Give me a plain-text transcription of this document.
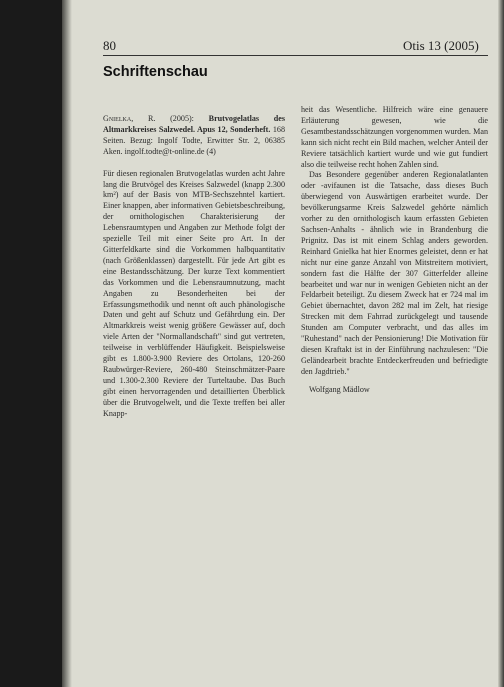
80	Otis 13 (2005)
Schriftenschau

Gnielka, R. (2005): Brutvogelatlas des Altmarkkreises Salzwedel. Apus 12, Sonderheft. 168 Seiten. Bezug: Ingolf Todte, Erwitter Str. 2, 06385 Aken. ingolf.todte@t-online.de (4)

Für diesen regionalen Brutvogelatlas wurden acht Jahre lang die Brutvögel des Kreises Salzwedel (knapp 2.300 km²) auf der Basis von MTB-Sechszehntel kartiert. Einer knappen, aber informativen Gebietsbeschreibung, der ornithologischen Charakterisierung der Lebensraumtypen und Angaben zur Methode folgt der spezielle Teil mit einer Seite pro Art. In der Gitterfeldkarte sind die Vorkommen halbquantitativ (nach Größenklassen) dargestellt. Für jede Art gibt es eine Bestandsschätzung. Der kurze Text kommentiert das Vorkommen und die Lebensraumnutzung, macht Angaben zu Besonderheiten bei der Erfassungsmethodik und nennt oft auch phänologische Daten und geht auf Schutz und Gefährdung ein. Der Altmarkkreis weist wenig größere Gewässer auf, doch viele Arten der "Normallandschaft" sind gut vertreten, teilweise in verblüffender Häufigkeit. Beispielsweise gibt es 1.800-3.900 Reviere des Ortolans, 120-260 Raubwürger-Reviere, 260-480 Steinschmätzer-Paare und 1.300-2.300 Reviere der Turteltaube. Das Buch gibt einen hervorragenden und detaillierten Überblick über die Brutvogelwelt, und die Texte treffen bei aller Knapp-

heit das Wesentliche. Hilfreich wäre eine genauere Erläuterung gewesen, wie die Gesamtbestandsschätzungen vorgenommen wurden. Man kann sich nicht recht ein Bild machen, welcher Anteil der Reviere tatsächlich kartiert wurde und wie gut fundiert also die teilweise recht hohen Zahlen sind.

Das Besondere gegenüber anderen Regionalatlanten oder -avifaunen ist die Tatsache, dass dieses Buch überwiegend von Auswärtigen erarbeitet wurde. Der bevölkerungsarme Kreis Salzwedel gehörte nämlich vorher zu den ornithologisch kaum erfassten Gebieten Sachsen-Anhalts - ähnlich wie in Brandenburg die Prignitz. Das ist mit einem Schlag anders geworden. Reinhard Gnielka hat hier Enormes geleistet, denn er hat nicht nur eine ganze Anzahl von Mitstreitern motiviert, sondern fast die Hälfte der 307 Gitterfelder alleine bearbeitet und war nur in wenigen Gebieten nicht an der Feldarbeit beteiligt. Zu diesem Zweck hat er 724 mal im Gebiet übernachtet, davon 282 mal im Zelt, hat riesige Strecken mit dem Fahrrad zurückgelegt und tausende Stunden am Computer verbracht, und das alles im "Ruhestand" nach der Pensionierung! Die Motivation für diesen Kraftakt ist in der Einführung nachzulesen: "Die Geländearbeit brachte Entdeckerfreuden und befriedigte den Jagdtrieb."

Wolfgang Mädlow
